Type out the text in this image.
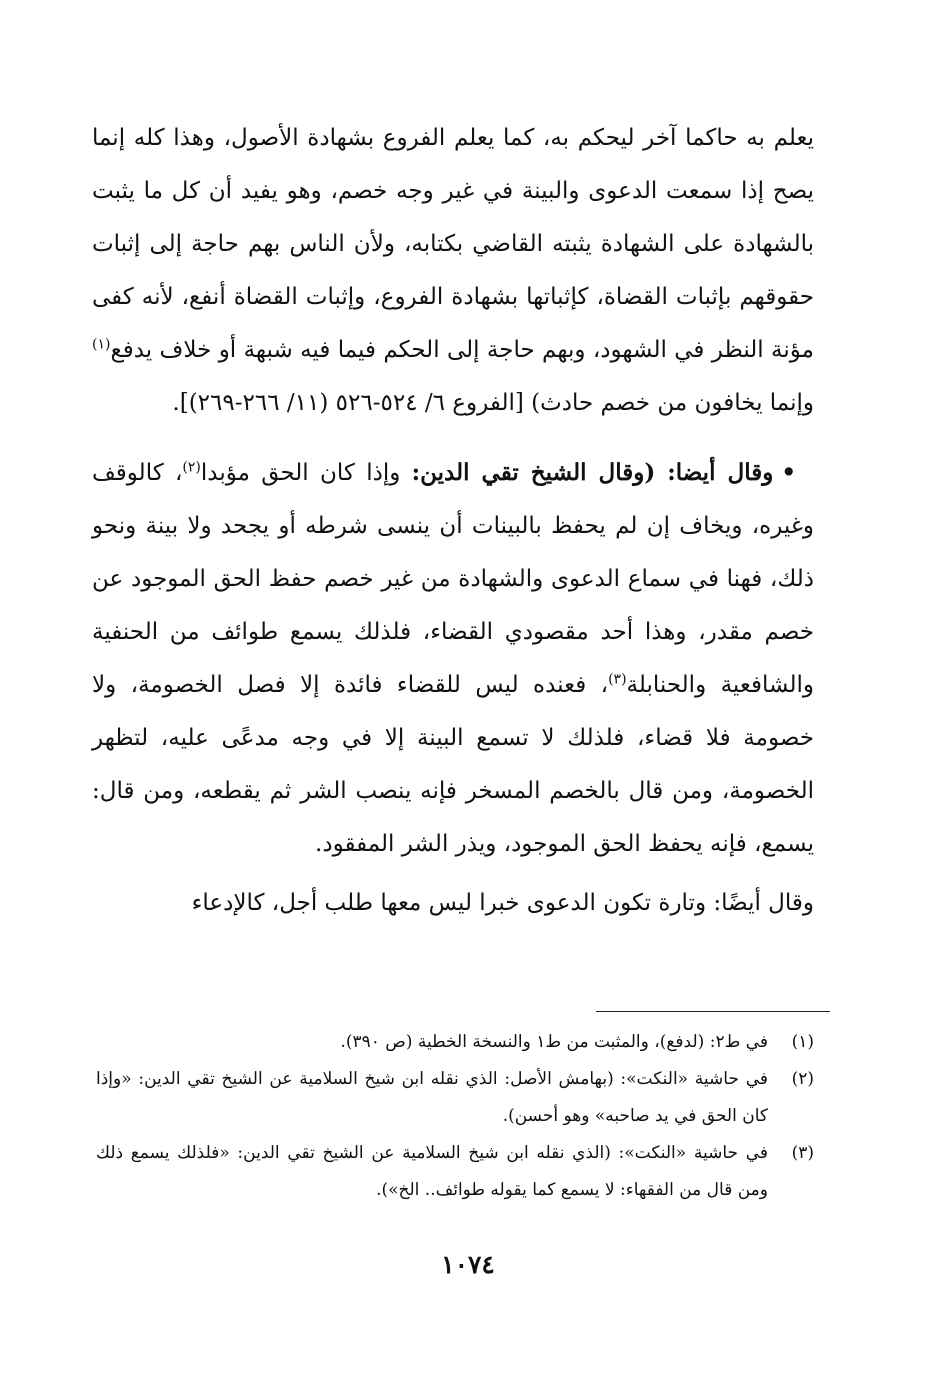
يعلم به حاكما آخر ليحكم به، كما يعلم الفروع بشهادة الأصول، وهذا كله إنما يصح إذا سمعت الدعوى والبينة في غير وجه خصم، وهو يفيد أن كل ما يثبت بالشهادة على الشهادة يثبته القاضي بكتابه، ولأن الناس بهم حاجة إلى إثبات حقوقهم بإثبات القضاة، كإثباتها بشهادة الفروع، وإثبات القضاة أنفع، لأنه كفى مؤنة النظر في الشهود، وبهم حاجة إلى الحكم فيما فيه شبهة أو خلاف يدفع$^{(١)}$ وإنما يخافون من خصم حادث) [الفروع ٦/ ٥٢٤-٥٢٦ (١١/ ٢٦٦-٢٦٩)].

•وقال أيضا: (وقال الشيخ تقي الدين: وإذا كان الحق مؤبدا$^{(٢)}$، كالوقف وغيره، ويخاف إن لم يحفظ بالبينات أن ينسى شرطه أو يجحد ولا بينة ونحو ذلك، فهنا في سماع الدعوى والشهادة من غير خصم حفظ الحق الموجود عن خصم مقدر، وهذا أحد مقصودي القضاء، فلذلك يسمع طوائف من الحنفية والشافعية والحنابلة$^{(٣)}$، فعنده ليس للقضاء فائدة إلا فصل الخصومة، ولا خصومة فلا قضاء، فلذلك لا تسمع البينة إلا في وجه مدعًى عليه، لتظهر الخصومة، ومن قال بالخصم المسخر فإنه ينصب الشر ثم يقطعه، ومن قال: يسمع، فإنه يحفظ الحق الموجود، ويذر الشر المفقود.

وقال أيضًا: وتارة تكون الدعوى خبرا ليس معها طلب أجل، كالإدعاء

(١)
في ط٢: (لدفع)، والمثبت من ط١ والنسخة الخطية (ص ٣٩٠).

(٢)
في حاشية «النكت»: (بهامش الأصل: الذي نقله ابن شيخ السلامية عن الشيخ تقي الدين: «وإذا كان الحق في يد صاحبه» وهو أحسن).

(٣)
في حاشية «النكت»: (الذي نقله ابن شيخ السلامية عن الشيخ تقي الدين: «فلذلك يسمع ذلك ومن قال من الفقهاء: لا يسمع كما يقوله طوائف.. الخ»).

١٠٧٤
